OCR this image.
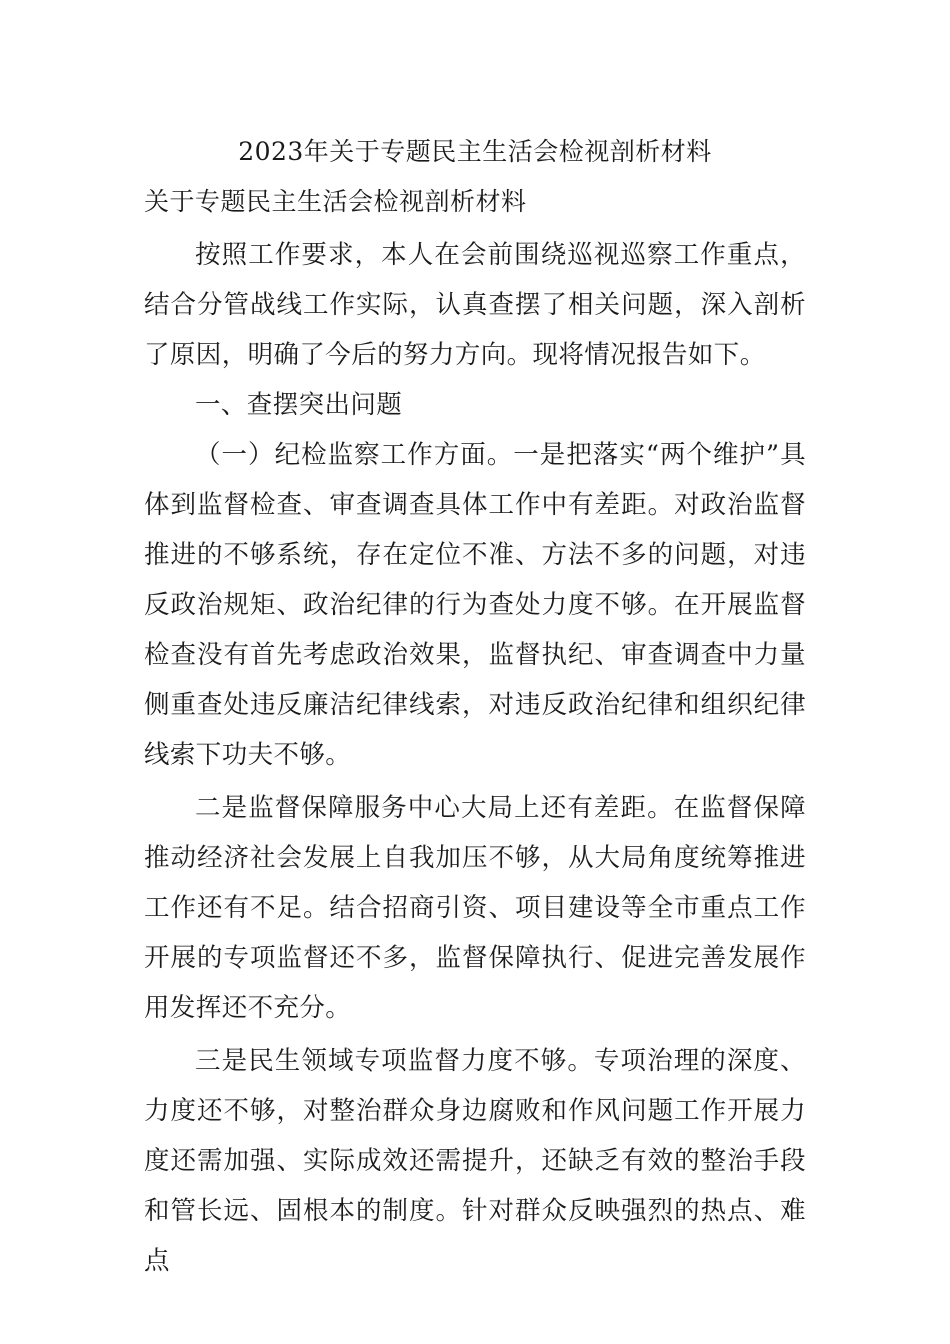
2023年关于专题民主生活会检视剖析材料
关于专题民主生活会检视剖析材料

按照工作要求，本人在会前围绕巡视巡察工作重点，结合分管战线工作实际，认真查摆了相关问题，深入剖析了原因，明确了今后的努力方向。现将情况报告如下。

一、查摆突出问题

（一）纪检监察工作方面。一是把落实“两个维护”具体到监督检查、审查调查具体工作中有差距。对政治监督推进的不够系统，存在定位不准、方法不多的问题，对违反政治规矩、政治纪律的行为查处力度不够。在开展监督检查没有首先考虑政治效果，监督执纪、审查调查中力量侧重查处违反廉洁纪律线索，对违反政治纪律和组织纪律线索下功夫不够。

二是监督保障服务中心大局上还有差距。在监督保障推动经济社会发展上自我加压不够，从大局角度统筹推进工作还有不足。结合招商引资、项目建设等全市重点工作开展的专项监督还不多，监督保障执行、促进完善发展作用发挥还不充分。

三是民生领域专项监督力度不够。专项治理的深度、力度还不够，对整治群众身边腐败和作风问题工作开展力度还需加强、实际成效还需提升，还缺乏有效的整治手段和管长远、固根本的制度。针对群众反映强烈的热点、难点
